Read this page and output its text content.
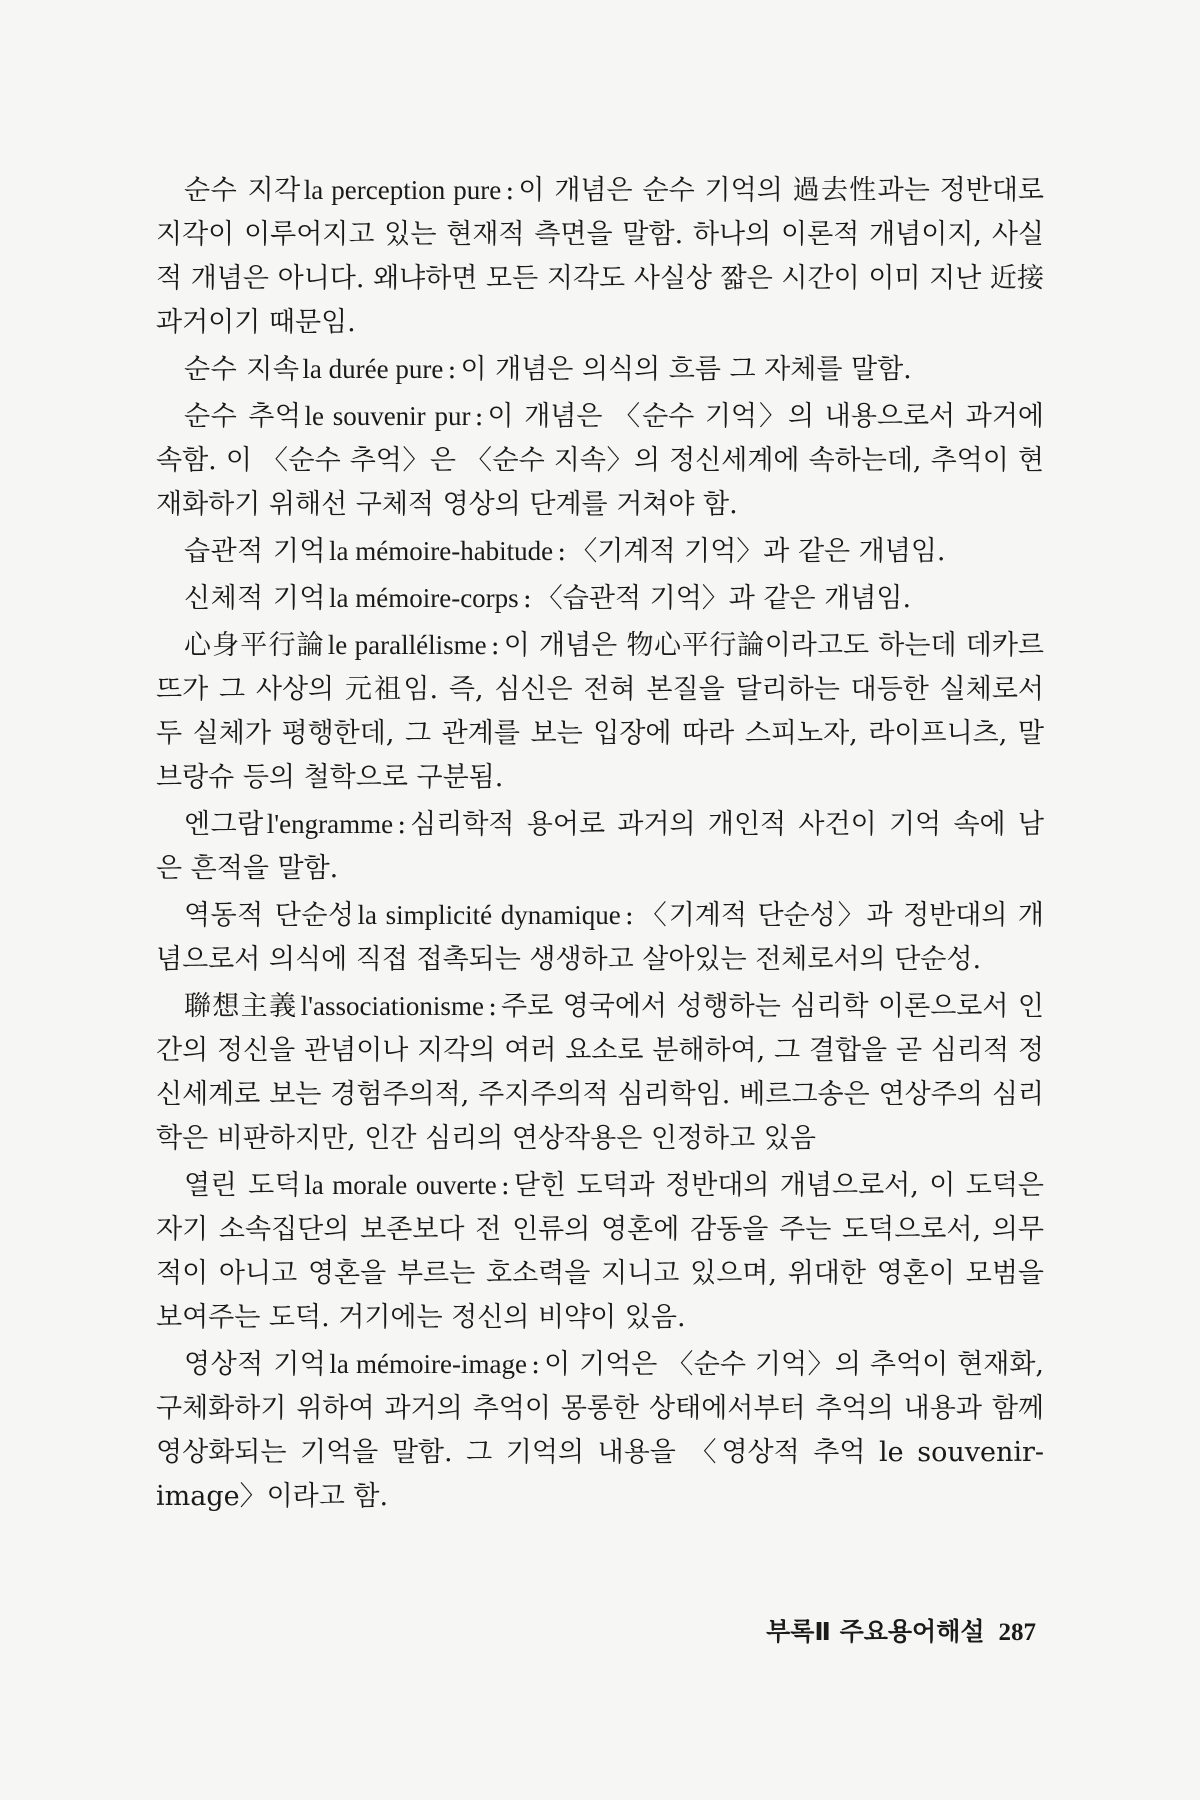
순수 지각 la perception pure : 이 개념은 순수 기억의 過去性과는 정반대로 지각이 이루어지고 있는 현재적 측면을 말함. 하나의 이론적 개념이지, 사실적 개념은 아니다. 왜냐하면 모든 지각도 사실상 짧은 시간이 이미 지난 近接 과거이기 때문임.

순수 지속 la durée pure : 이 개념은 의식의 흐름 그 자체를 말함.

순수 추억 le souvenir pur : 이 개념은 〈순수 기억〉의 내용으로서 과거에 속함. 이 〈순수 추억〉은 〈순수 지속〉의 정신세계에 속하는데, 추억이 현재화하기 위해선 구체적 영상의 단계를 거쳐야 함.

습관적 기억 la mémoire-habitude : 〈기계적 기억〉과 같은 개념임.

신체적 기억 la mémoire-corps : 〈습관적 기억〉과 같은 개념임.

心身平行論 le parallélisme : 이 개념은 物心平行論이라고도 하는데 데카르뜨가 그 사상의 元祖임. 즉, 심신은 전혀 본질을 달리하는 대등한 실체로서 두 실체가 평행한데, 그 관계를 보는 입장에 따라 스피노자, 라이프니츠, 말브랑슈 등의 철학으로 구분됨.

엔그람 l'engramme : 심리학적 용어로 과거의 개인적 사건이 기억 속에 남은 흔적을 말함.

역동적 단순성 la simplicité dynamique : 〈기계적 단순성〉과 정반대의 개념으로서 의식에 직접 접촉되는 생생하고 살아있는 전체로서의 단순성.

聯想主義 l'associationisme : 주로 영국에서 성행하는 심리학 이론으로서 인간의 정신을 관념이나 지각의 여러 요소로 분해하여, 그 결합을 곧 심리적 정신세계로 보는 경험주의적, 주지주의적 심리학임. 베르그송은 연상주의 심리학은 비판하지만, 인간 심리의 연상작용은 인정하고 있음

열린 도덕 la morale ouverte : 닫힌 도덕과 정반대의 개념으로서, 이 도덕은 자기 소속집단의 보존보다 전 인류의 영혼에 감동을 주는 도덕으로서, 의무적이 아니고 영혼을 부르는 호소력을 지니고 있으며, 위대한 영혼이 모범을 보여주는 도덕. 거기에는 정신의 비약이 있음.

영상적 기억 la mémoire-image : 이 기억은 〈순수 기억〉의 추억이 현재화, 구체화하기 위하여 과거의 추억이 몽롱한 상태에서부터 추억의 내용과 함께 영상화되는 기억을 말함. 그 기억의 내용을 〈영상적 추억 le souvenir-image〉이라고 함.

부록Ⅱ 주요용어해설 287
